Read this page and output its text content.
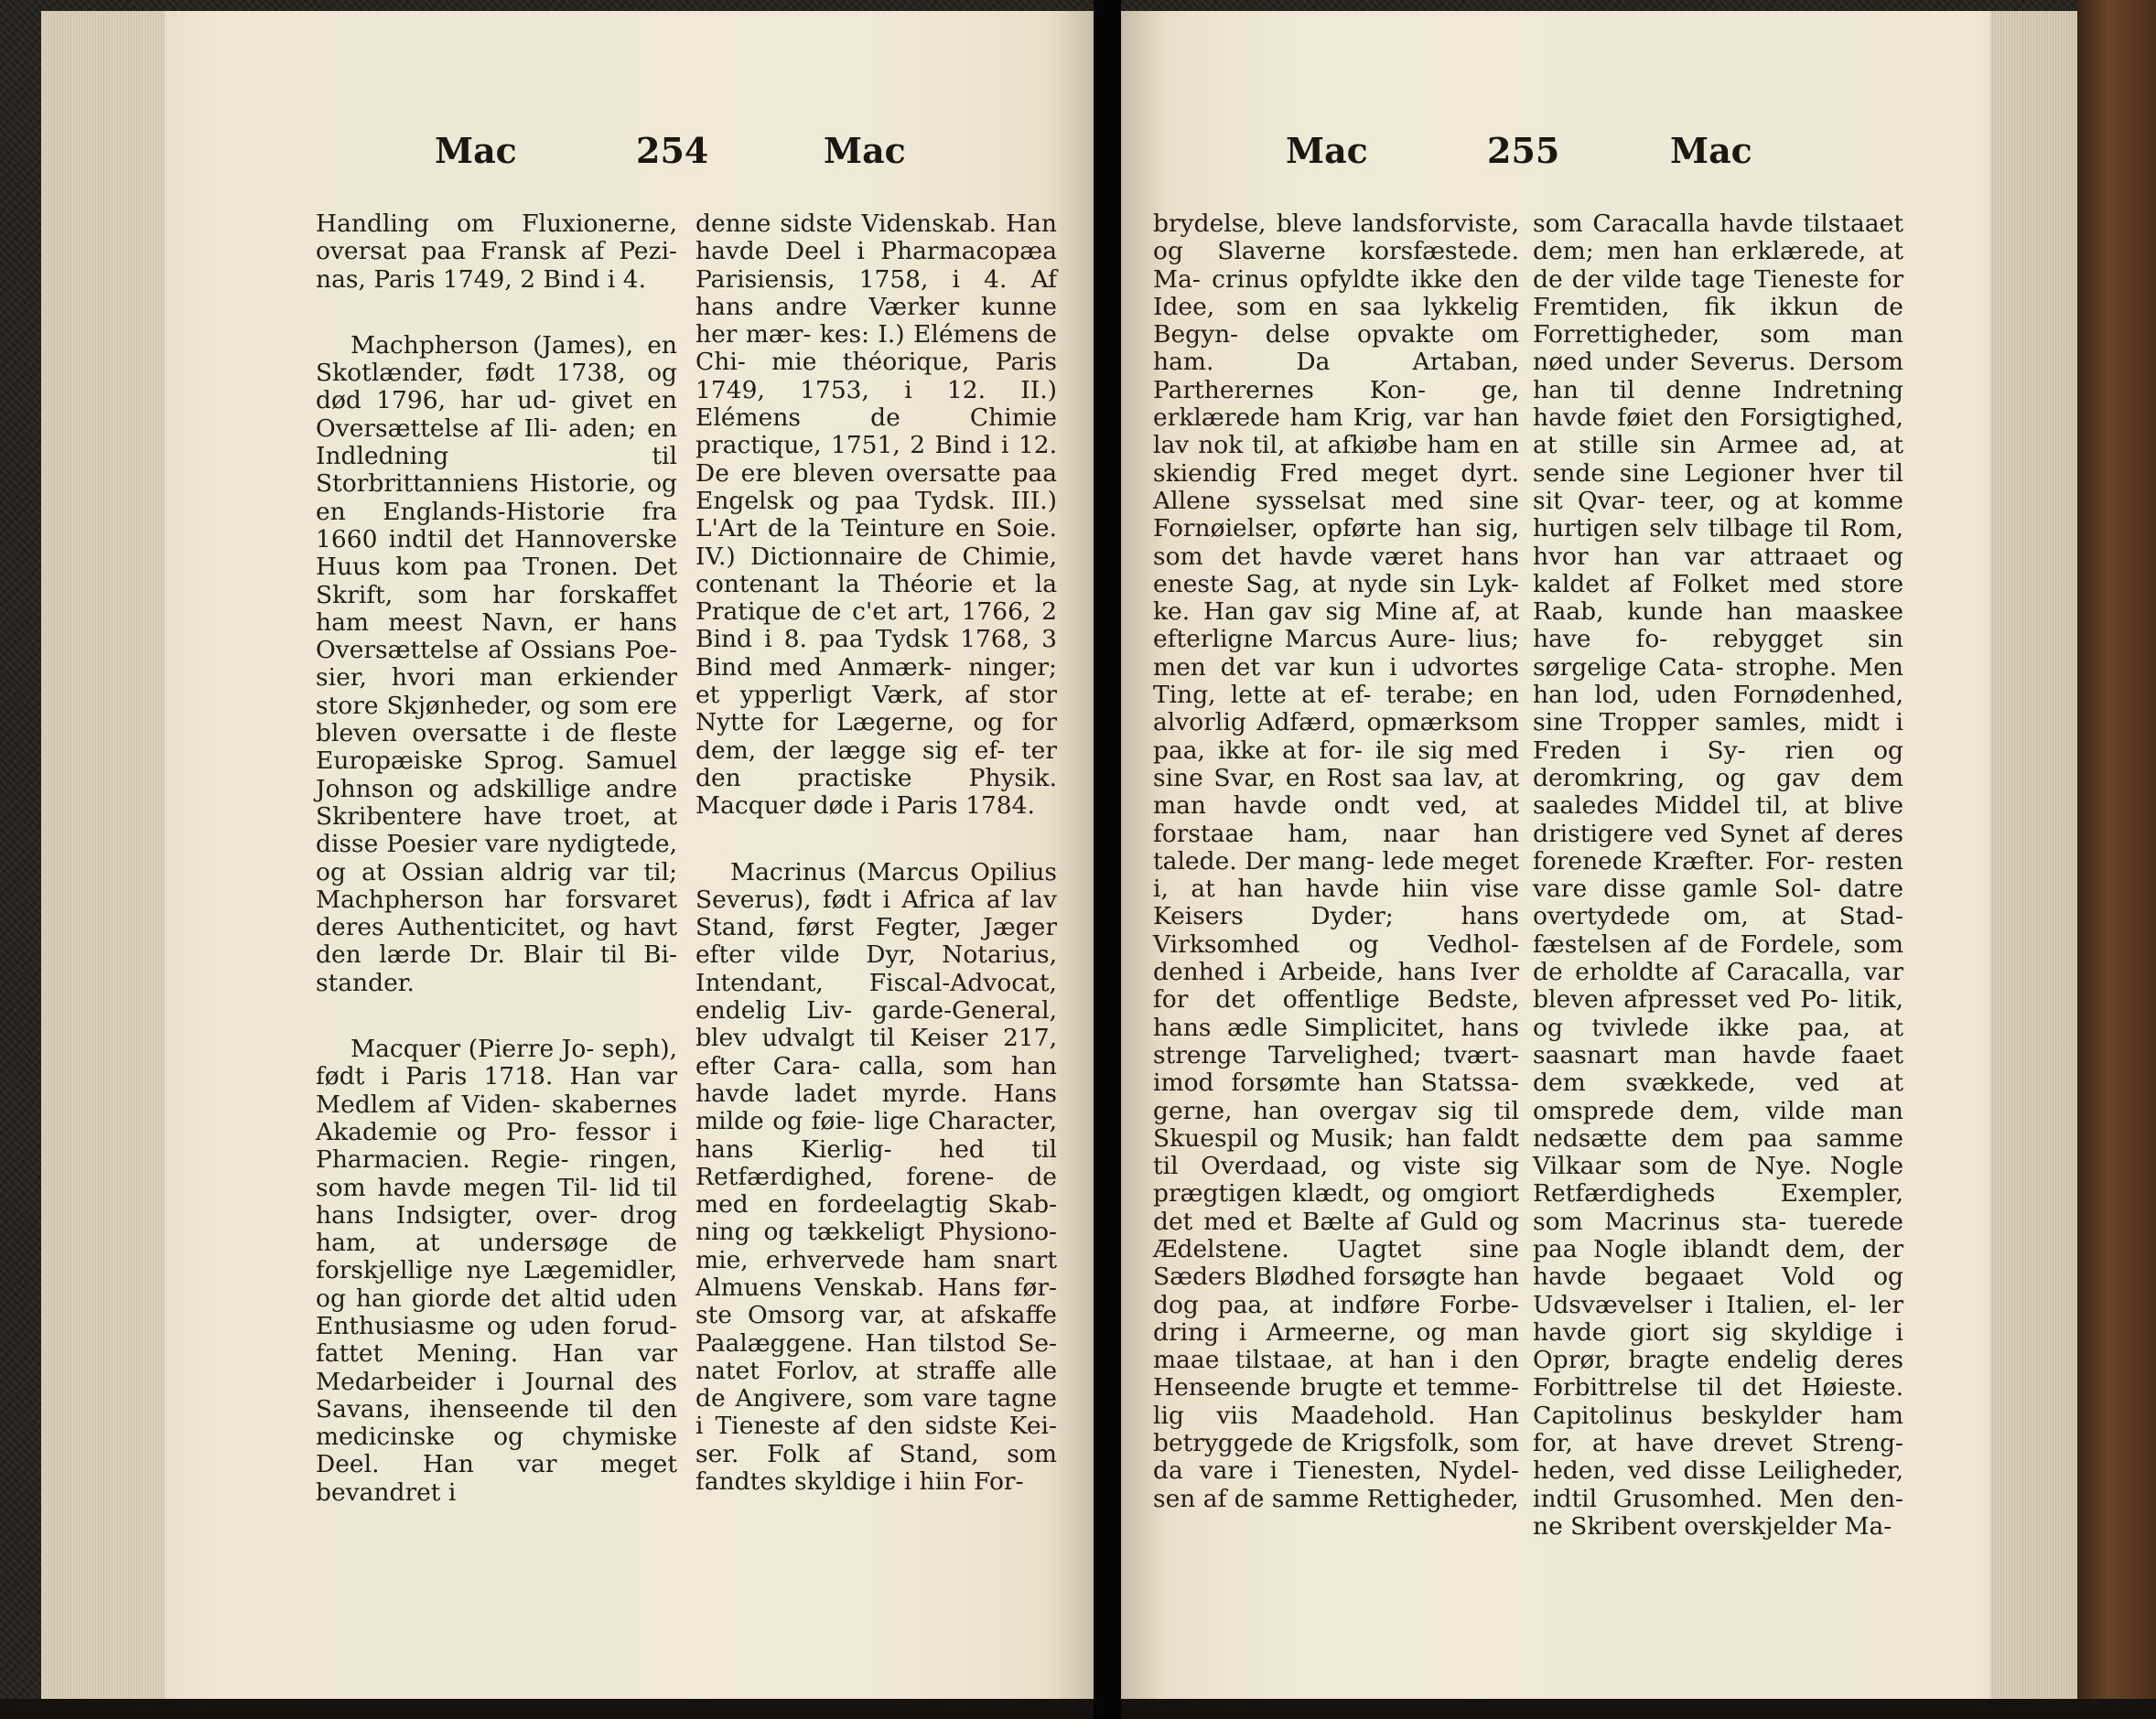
Mac	254	Mac

Handling om Fluxionerne, oversat paa Fransk af Pezi- nas, Paris 1749, 2 Bind i 4.

Machpherson (James), en Skotlænder, født 1738, og død 1796, har ud- givet en Oversættelse af Ili- aden; en Indledning til Storbrittanniens Historie, og en Englands-Historie fra 1660 indtil det Hannoverske Huus kom paa Tronen. Det Skrift, som har forskaffet ham meest Navn, er hans Oversættelse af Ossians Poe- sier, hvori man erkiender store Skjønheder, og som ere bleven oversatte i de fleste Europæiske Sprog. Samuel Johnson og adskillige andre Skribentere have troet, at disse Poesier vare nydigtede, og at Ossian aldrig var til; Machpherson har forsvaret deres Authenticitet, og havt den lærde Dr. Blair til Bi- stander.

Macquer (Pierre Jo- seph), født i Paris 1718. Han var Medlem af Viden- skabernes Akademie og Pro- fessor i Pharmacien. Regie- ringen, som havde megen Til- lid til hans Indsigter, over- drog ham, at undersøge de forskjellige nye Lægemidler, og han giorde det altid uden Enthusiasme og uden forud- fattet Mening. Han var Medarbeider i Journal des Savans, ihenseende til den medicinske og chymiske Deel. Han var meget bevandret i

denne sidste Videnskab. Han havde Deel i Pharmacopæa Parisiensis, 1758, i 4. Af hans andre Værker kunne her mær- kes: I.) Elémens de Chi- mie théorique, Paris 1749, 1753, i 12. II.) Elémens de Chimie practique, 1751, 2 Bind i 12. De ere bleven oversatte paa Engelsk og paa Tydsk. III.) L'Art de la Teinture en Soie. IV.) Dictionnaire de Chimie, contenant la Théorie et la Pratique de c'et art, 1766, 2 Bind i 8. paa Tydsk 1768, 3 Bind med Anmærk- ninger; et ypperligt Værk, af stor Nytte for Lægerne, og for dem, der lægge sig ef- ter den practiske Physik. Macquer døde i Paris 1784.

Macrinus (Marcus Opilius Severus), født i Africa af lav Stand, først Fegter, Jæger efter vilde Dyr, Notarius, Intendant, Fiscal-Advocat, endelig Liv- garde-General, blev udvalgt til Keiser 217, efter Cara- calla, som han havde ladet myrde. Hans milde og føie- lige Character, hans Kierlig- hed til Retfærdighed, forene- de med en fordeelagtig Skab- ning og tækkeligt Physiono- mie, erhvervede ham snart Almuens Venskab. Hans før- ste Omsorg var, at afskaffe Paalæggene. Han tilstod Se- natet Forlov, at straffe alle de Angivere, som vare tagne i Tieneste af den sidste Kei- ser. Folk af Stand, som fandtes skyldige i hiin For-

Mac	255	Mac

brydelse, bleve landsforviste, og Slaverne korsfæstede. Ma- crinus opfyldte ikke den Idee, som en saa lykkelig Begyn- delse opvakte om ham. Da Artaban, Partherernes Kon- ge, erklærede ham Krig, var han lav nok til, at afkiøbe ham en skiendig Fred meget dyrt. Allene sysselsat med sine Fornøielser, opførte han sig, som det havde været hans eneste Sag, at nyde sin Lyk- ke. Han gav sig Mine af, at efterligne Marcus Aure- lius; men det var kun i udvortes Ting, lette at ef- terabe; en alvorlig Adfærd, opmærksom paa, ikke at for- ile sig med sine Svar, en Rost saa lav, at man havde ondt ved, at forstaae ham, naar han talede. Der mang- lede meget i, at han havde hiin vise Keisers Dyder; hans Virksomhed og Vedhol- denhed i Arbeide, hans Iver for det offentlige Bedste, hans ædle Simplicitet, hans strenge Tarvelighed; tvært- imod forsømte han Statssa- gerne, han overgav sig til Skuespil og Musik; han faldt til Overdaad, og viste sig prægtigen klædt, og omgiort det med et Bælte af Guld og Ædelstene. Uagtet sine Sæders Blødhed forsøgte han dog paa, at indføre Forbe- dring i Armeerne, og man maae tilstaae, at han i den Henseende brugte et temme- lig viis Maadehold. Han betryggede de Krigsfolk, som da vare i Tienesten, Nydel- sen af de samme Rettigheder,

som Caracalla havde tilstaaet dem; men han erklærede, at de der vilde tage Tieneste for Fremtiden, fik ikkun de Forrettigheder, som man nøed under Severus. Dersom han til denne Indretning havde føiet den Forsigtighed, at stille sin Armee ad, at sende sine Legioner hver til sit Qvar- teer, og at komme hurtigen selv tilbage til Rom, hvor han var attraaet og kaldet af Folket med store Raab, kunde han maaskee have fo- rebygget sin sørgelige Cata- strophe. Men han lod, uden Fornødenhed, sine Tropper samles, midt i Freden i Sy- rien og deromkring, og gav dem saaledes Middel til, at blive dristigere ved Synet af deres forenede Kræfter. For- resten vare disse gamle Sol- datre overtydede om, at Stad- fæstelsen af de Fordele, som de erholdte af Caracalla, var bleven afpresset ved Po- litik, og tvivlede ikke paa, at saasnart man havde faaet dem svækkede, ved at omsprede dem, vilde man nedsætte dem paa samme Vilkaar som de Nye. Nogle Retfærdigheds Exempler, som Macrinus sta- tuerede paa Nogle iblandt dem, der havde begaaet Vold og Udsvævelser i Italien, el- ler havde giort sig skyldige i Oprør, bragte endelig deres Forbittrelse til det Høieste. Capitolinus beskylder ham for, at have drevet Streng- heden, ved disse Leiligheder, indtil Grusomhed. Men den- ne Skribent overskjelder Ma-
